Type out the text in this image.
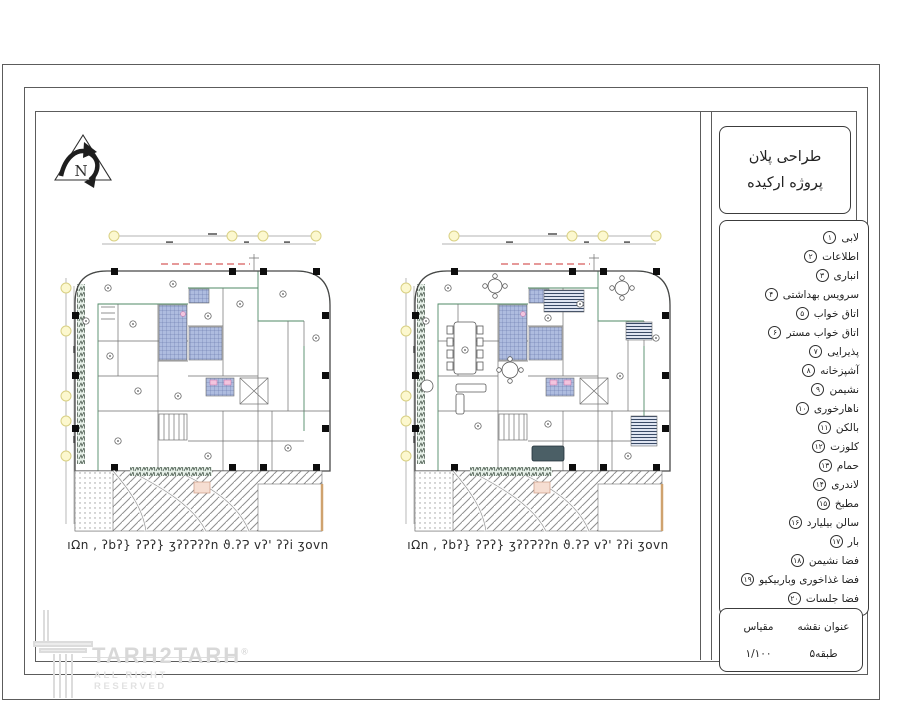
N
ıΩn , ʔbʔ} ʔɁʔ} ʒʔʔɁʔʔn ϑ.ʔɁ vʔ' ʔʔi ʒovn	ıΩn , ʔbʔ} ʔɁʔ} ʒʔʔɁʔʔn ϑ.ʔɁ vʔ' ʔʔi ʒovn
طراحی پلان
پروژه ارکیده
۱ لابی
۲ اطلاعات
۳ انباری
۴ سرویس بهداشتی
۵ اتاق خواب
۶ اتاق خواب مستر
۷ پذیرایی
۸ آشپزخانه
۹ نشیمن
۱۰ ناهارخوری
۱۱ بالکن
۱۲ کلوزت
۱۳ حمام
۱۴ لاندری
۱۵ مطبخ
۱۶ سالن بیلیارد
۱۷ بار
۱۸ فضا نشیمن
۱۹ فضا غذاخوری وباربیکیو
۲۰ فضا جلسات
عنوان نقشه
مقیاس
طبقه۵
۱/۱۰۰
TARH2TARH®
ALL RIGHT RESERVED
